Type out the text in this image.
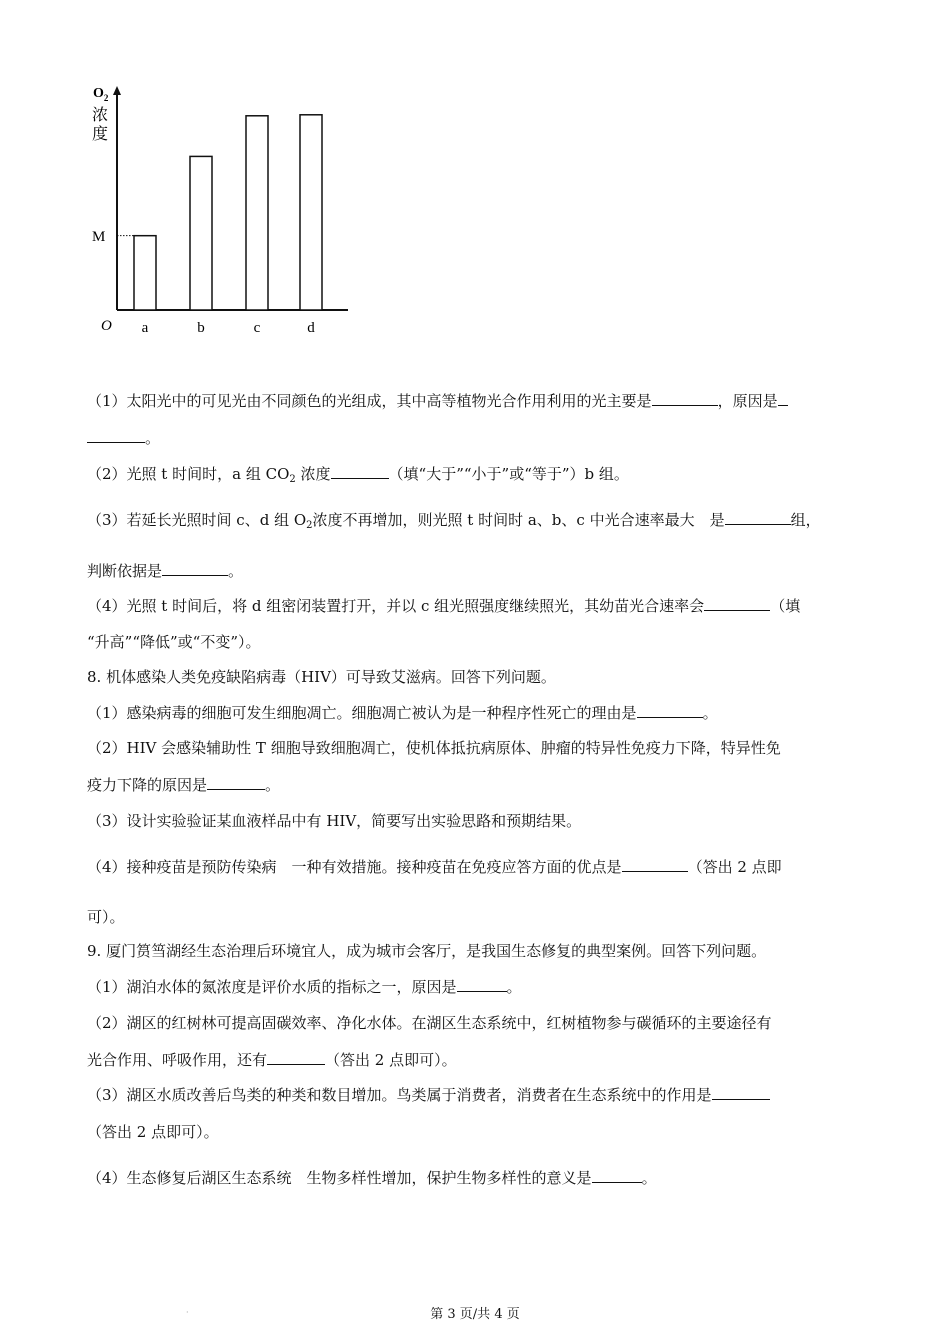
$O_2$
浓
度
M
O a	b	c	d
（1）太阳光中的可见光由不同颜色的光组成，其中高等植物光合作用利用的光主要是	，原因是
。
（2）光照 t 时间时，a 组 $CO_2$ 浓度	（填“大于”“小于”或“等于”）b 组。
（3）若延长光照时间 c、d 组 $O_2$浓度不再增加，则光照 t 时间时 a、b、c 中光合速率最大　是	组，
判断依据是	。
（4）光照 t 时间后，将 d 组密闭装置打开，并以 c 组光照强度继续照光，其幼苗光合速率会	（填
“升高”“降低”或“不变”）。
8. 机体感染人类免疫缺陷病毒（HIV）可导致艾滋病。回答下列问题。
（1）感染病毒的细胞可发生细胞凋亡。细胞凋亡被认为是一种程序性死亡的理由是	。
（2）HIV 会感染辅助性 T 细胞导致细胞凋亡，使机体抵抗病原体、肿瘤的特异性免疫力下降，特异性免
疫力下降的原因是	。
（3）设计实验验证某血液样品中有 HIV，简要写出实验思路和预期结果。
（4）接种疫苗是预防传染病　一种有效措施。接种疫苗在免疫应答方面的优点是	（答出 2 点即
可）。
9. 厦门筼筜湖经生态治理后环境宜人，成为城市会客厅，是我国生态修复的典型案例。回答下列问题。
（1）湖泊水体的氮浓度是评价水质的指标之一，原因是	。
（2）湖区的红树林可提高固碳效率、净化水体。在湖区生态系统中，红树植物参与碳循环的主要途径有
光合作用、呼吸作用，还有	（答出 2 点即可）。
（3）湖区水质改善后鸟类的种类和数目增加。鸟类属于消费者，消费者在生态系统中的作用是
（答出 2 点即可）。
（4）生态修复后湖区生态系统　生物多样性增加，保护生物多样性的意义是	。
·	第 3 页/共 4 页
